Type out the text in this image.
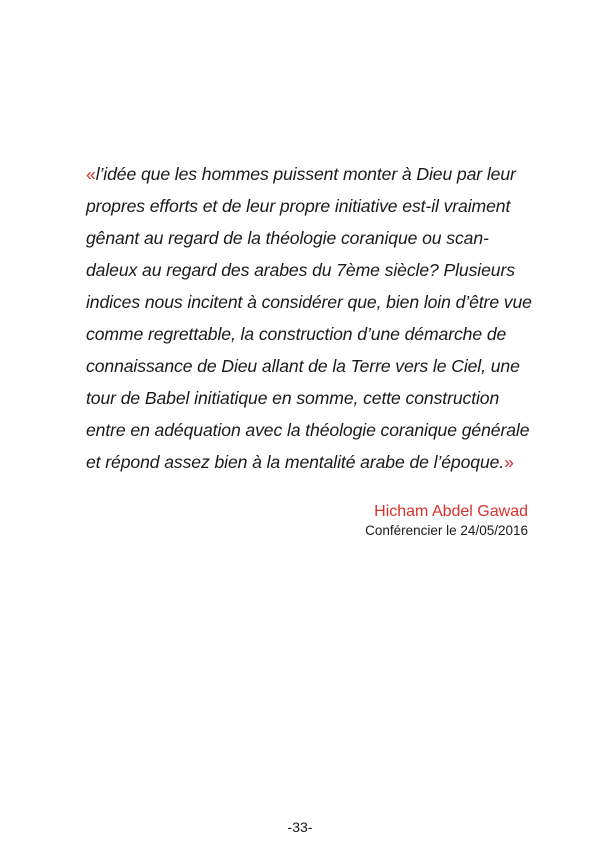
«l’idée que les hommes puissent monter à Dieu par leur
propres efforts et de leur propre initiative est-il vraiment
gênant au regard de la théologie coranique ou scan-
daleux au regard des arabes du 7ème siècle? Plusieurs
indices nous incitent à considérer que, bien loin d’être vue
comme regrettable, la construction d’une démarche de
connaissance de Dieu allant de la Terre vers le Ciel, une
tour de Babel initiatique en somme, cette construction
entre en adéquation avec la théologie coranique générale
et répond assez bien à la mentalité arabe de l’époque.»

Hicham Abdel Gawad
Conférencier le 24/05/2016
-33-
